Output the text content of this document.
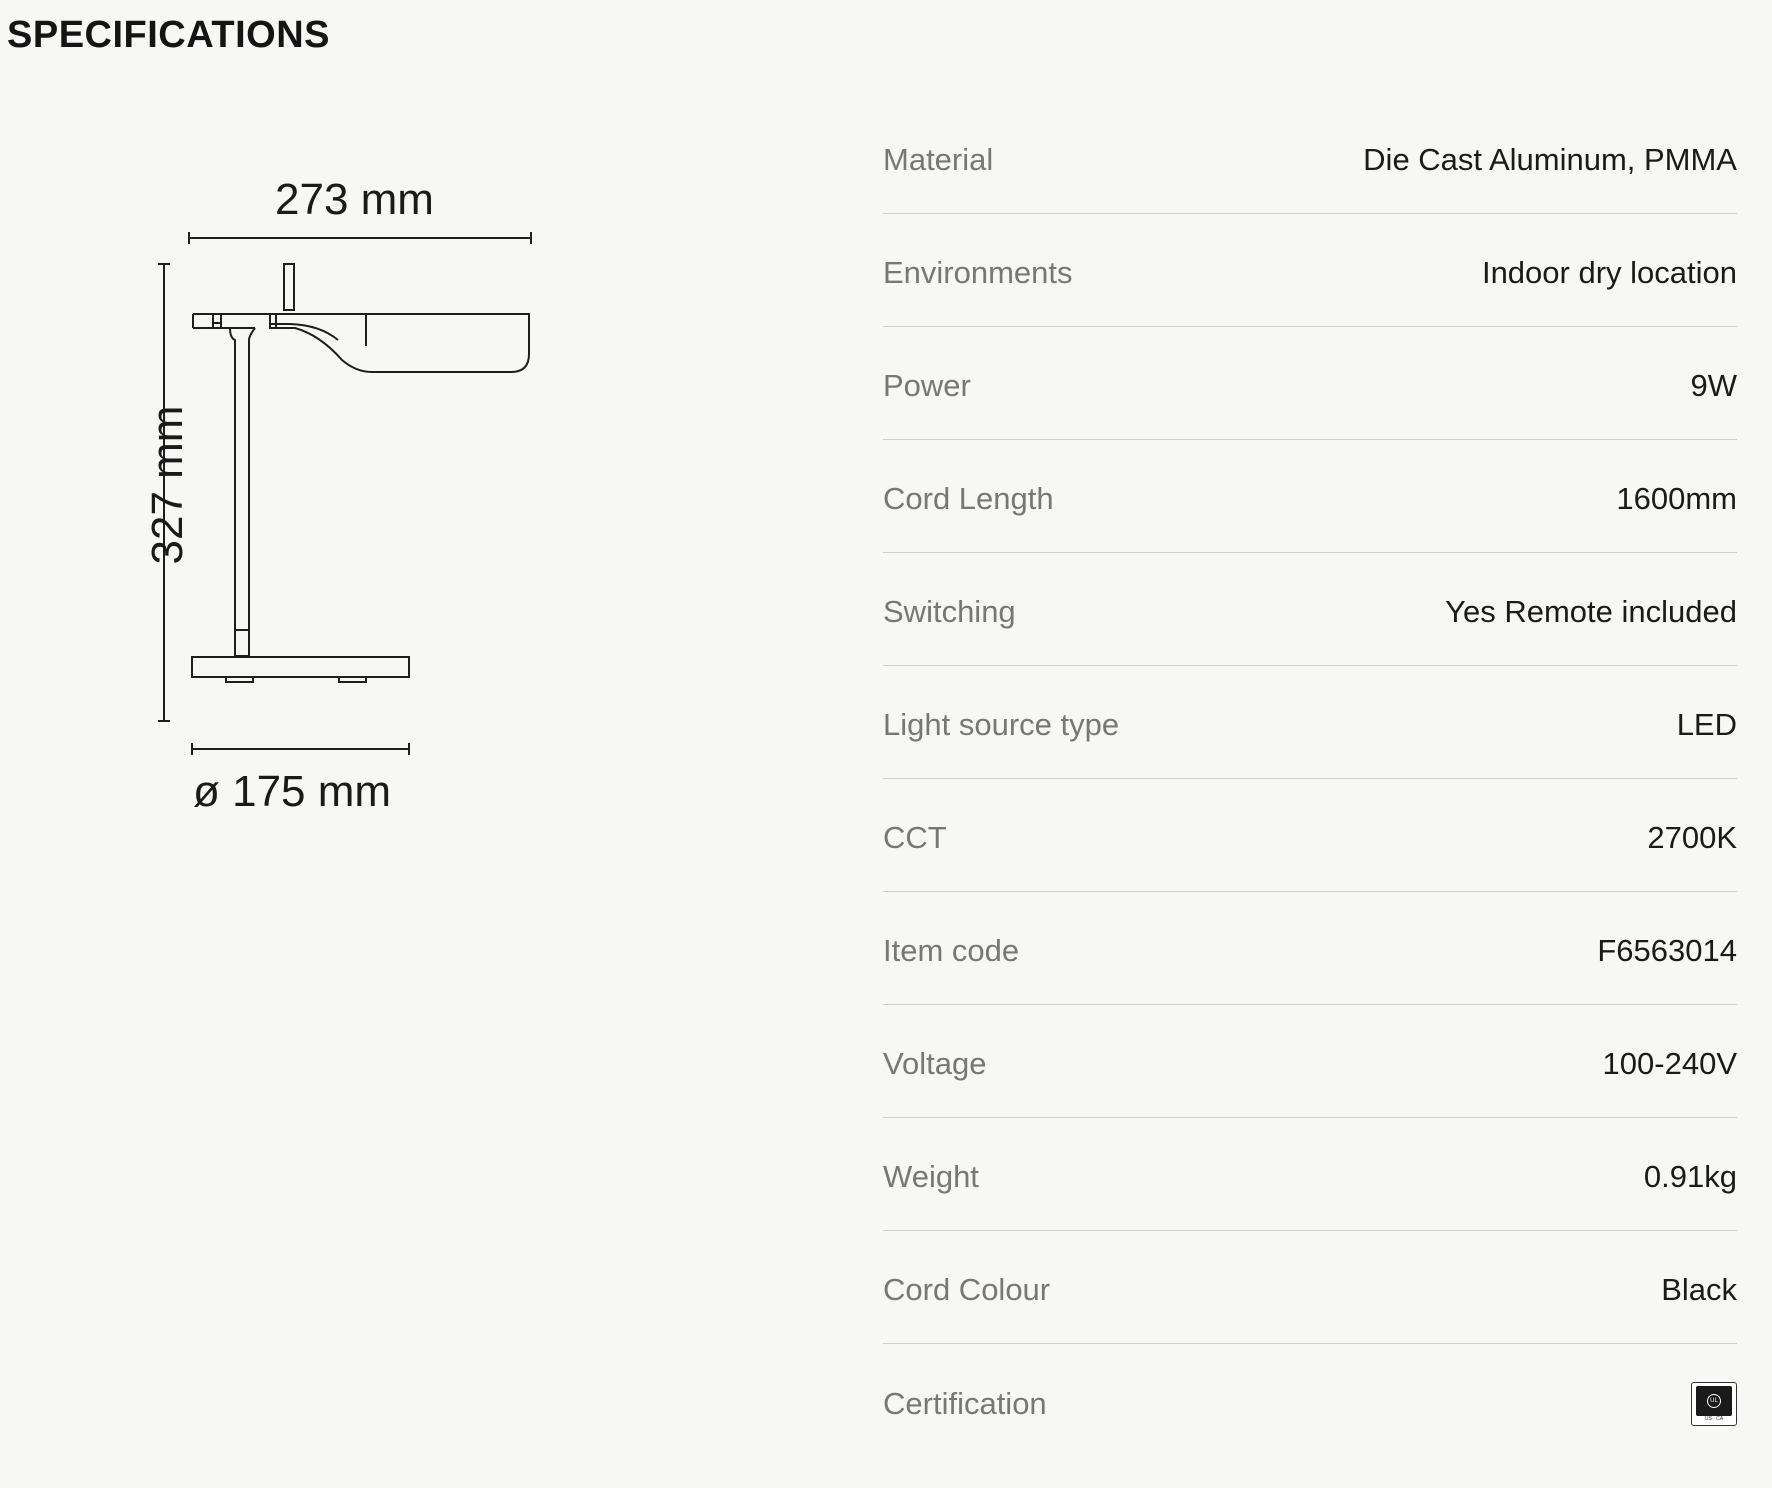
SPECIFICATIONS
273 mm
327 mm
ø 175 mm
Material	Die Cast Aluminum, PMMA
Environments	Indoor dry location
Power	9W
Cord Length	1600mm
Switching	Yes Remote included
Light source type	LED
CCT	2700K
Item code	F6563014
Voltage	100-240V
Weight	0.91kg
Cord Colour	Black
Certification	UL
US · CA
